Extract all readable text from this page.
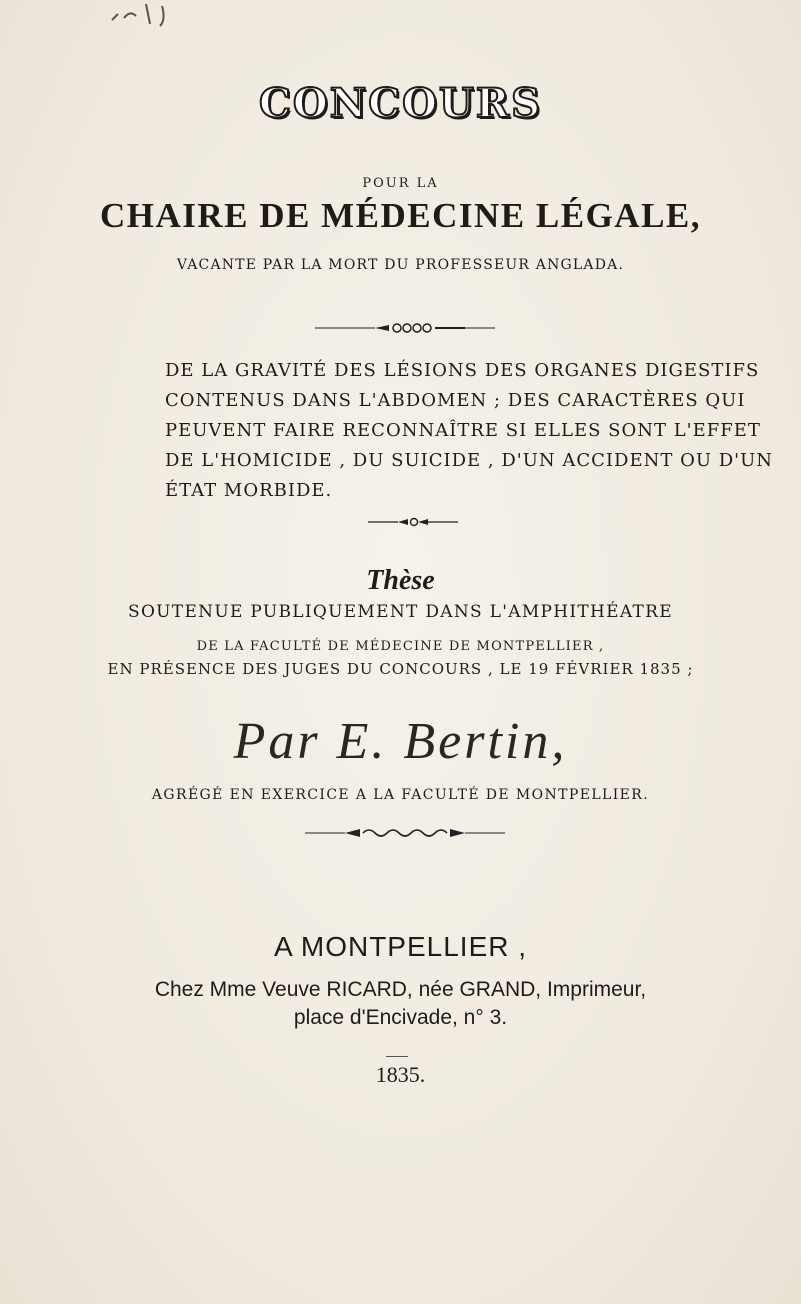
CONCOURS
POUR LA
CHAIRE DE MÉDECINE LÉGALE,
VACANTE PAR LA MORT DU PROFESSEUR ANGLADA.
DE LA GRAVITÉ DES LÉSIONS DES ORGANES DIGESTIFS
CONTENUS DANS L'ABDOMEN ; DES CARACTÈRES QUI
PEUVENT FAIRE RECONNAÎTRE SI ELLES SONT L'EFFET
DE L'HOMICIDE , DU SUICIDE , D'UN ACCIDENT OU D'UN
ÉTAT MORBIDE.
Thèse
SOUTENUE PUBLIQUEMENT DANS L'AMPHITHÉATRE
DE LA FACULTÉ DE MÉDECINE DE MONTPELLIER ,
EN PRÉSENCE DES JUGES DU CONCOURS , LE 19 FÉVRIER 1835 ;
Par E. Bertin,
AGRÉGÉ EN EXERCICE A LA FACULTÉ DE MONTPELLIER.
A MONTPELLIER ,
Chez Mme Veuve RICARD, née GRAND, Imprimeur,
place d'Encivade, n° 3.
1835.
